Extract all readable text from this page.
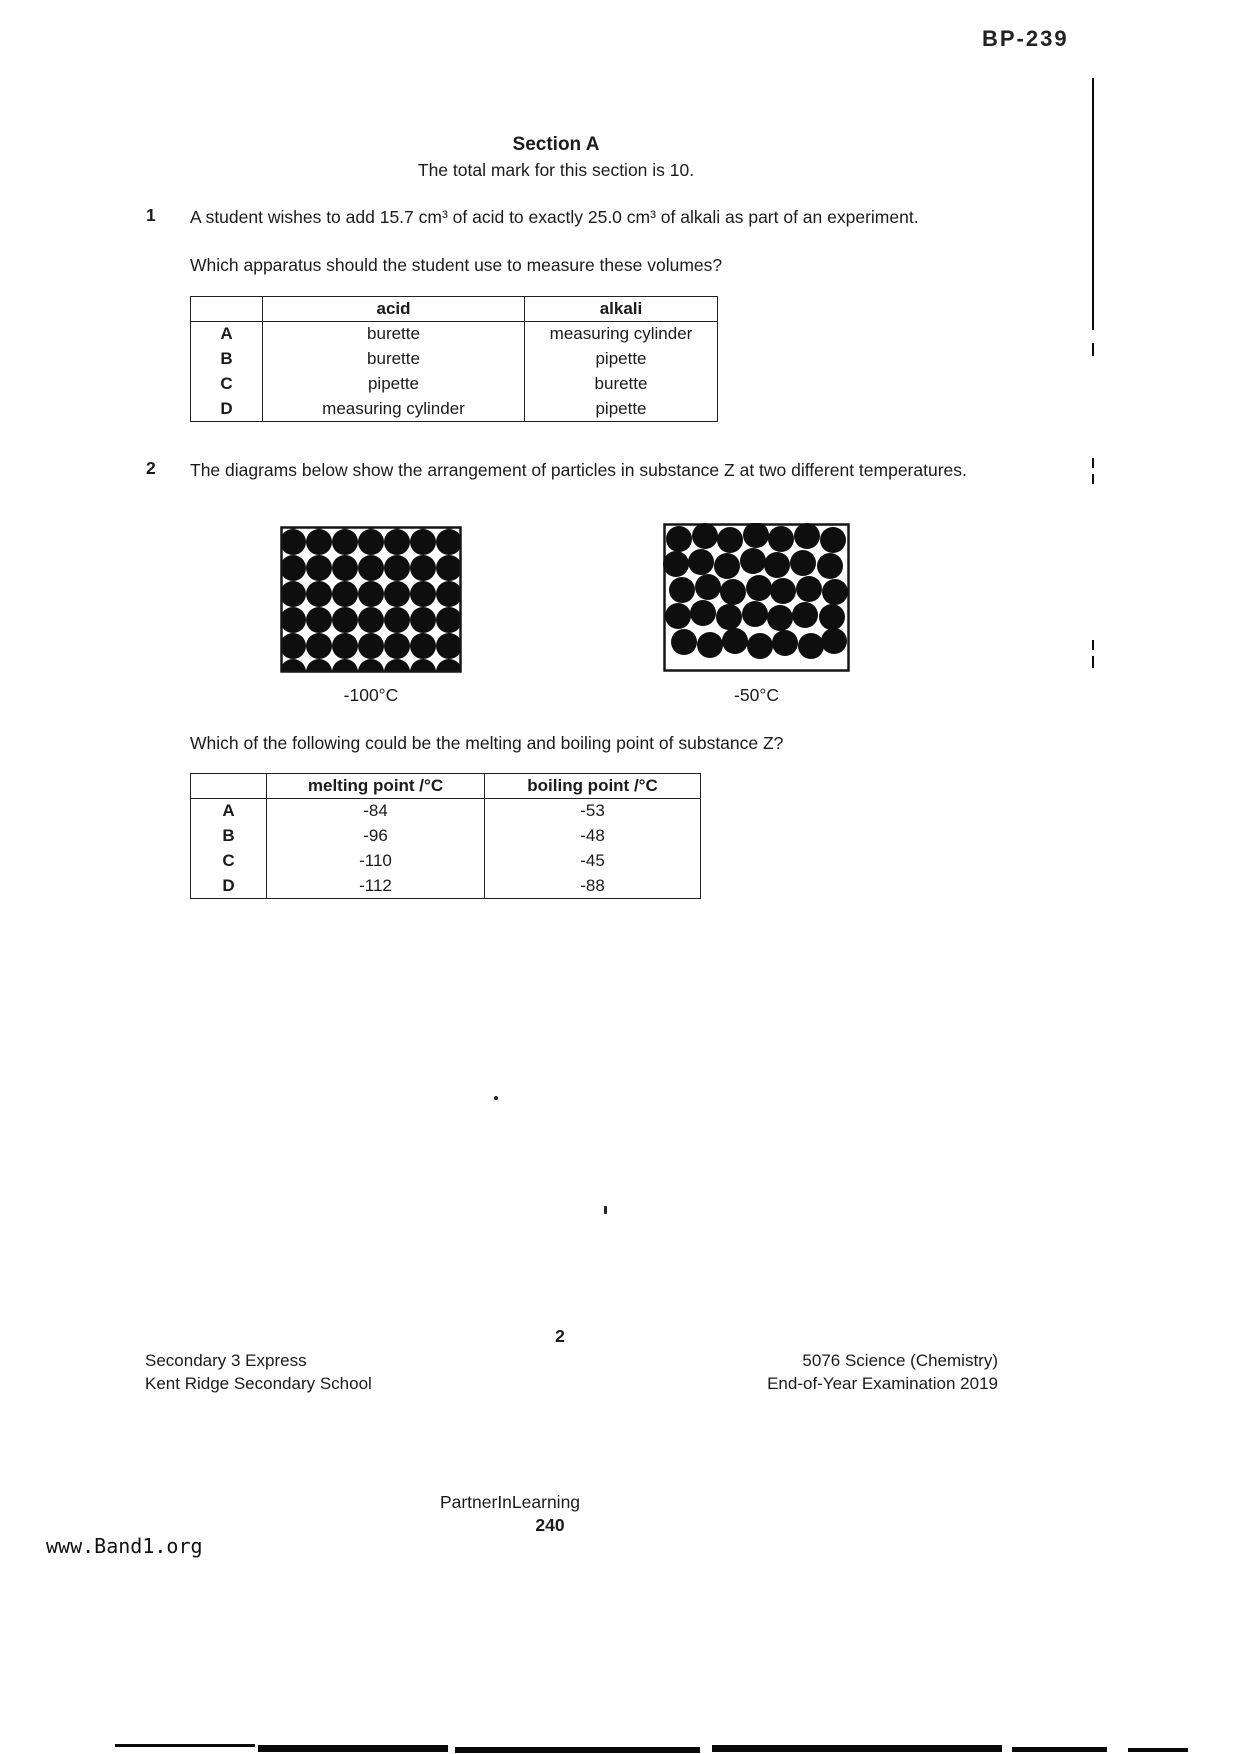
BP-239
Section A
The total mark for this section is 10.
1 A student wishes to add 15.7 cm³ of acid to exactly 25.0 cm³ of alkali as part of an experiment.
Which apparatus should the student use to measure these volumes?
	acid	alkali
A	burette	measuring cylinder
B	burette	pipette
C	pipette	burette
D	measuring cylinder	pipette
2 The diagrams below show the arrangement of particles in substance Z at two different temperatures.
-100°C	-50°C
Which of the following could be the melting and boiling point of substance Z?
	melting point /°C	boiling point /°C
A	-84	-53
B	-96	-48
C	-110	-45
D	-112	-88
2
Secondary 3 Express
Kent Ridge Secondary School
5076 Science (Chemistry)
End-of-Year Examination 2019
PartnerInLearning
240
www.Band1.org
